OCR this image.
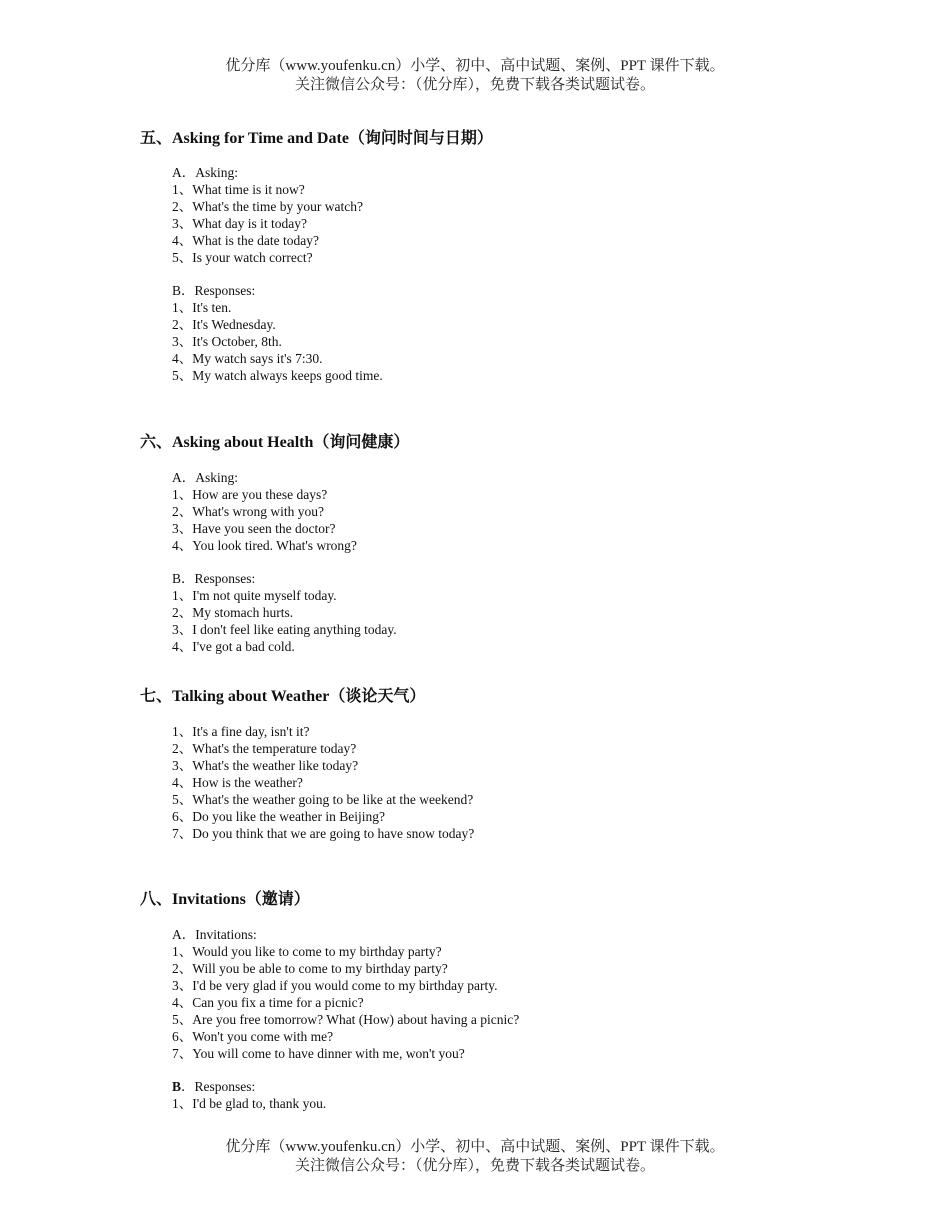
优分库（www.youfenku.cn）小学、初中、高中试题、案例、PPT 课件下载。
关注微信公众号：（优分库），免费下载各类试题试卷。
五、Asking for Time and Date（询问时间与日期）
A．Asking:
1、What time is it now?
2、What's the time by your watch?
3、What day is it today?
4、What is the date today?
5、Is your watch correct?
B．Responses:
1、It's ten.
2、It's Wednesday.
3、It's October, 8th.
4、My watch says it's 7:30.
5、My watch always keeps good time.
六、Asking about Health（询问健康）
A．Asking:
1、How are you these days?
2、What's wrong with you?
3、Have you seen the doctor?
4、You look tired. What's wrong?
B．Responses:
1、I'm not quite myself today.
2、My stomach hurts.
3、I don't feel like eating anything today.
4、I've got a bad cold.
七、Talking about Weather（谈论天气）
1、It's a fine day, isn't it?
2、What's the temperature today?
3、What's the weather like today?
4、How is the weather?
5、What's the weather going to be like at the weekend?
6、Do you like the weather in Beijing?
7、Do you think that we are going to have snow today?
八、Invitations（邀请）
A．Invitations:
1、Would you like to come to my birthday party?
2、Will you be able to come to my birthday party?
3、I'd be very glad if you would come to my birthday party.
4、Can you fix a time for a picnic?
5、Are you free tomorrow? What (How) about having a picnic?
6、Won't you come with me?
7、You will come to have dinner with me, won't you?
B．Responses:
1、I'd be glad to, thank you.
优分库（www.youfenku.cn）小学、初中、高中试题、案例、PPT 课件下载。
关注微信公众号：（优分库），免费下载各类试题试卷。
